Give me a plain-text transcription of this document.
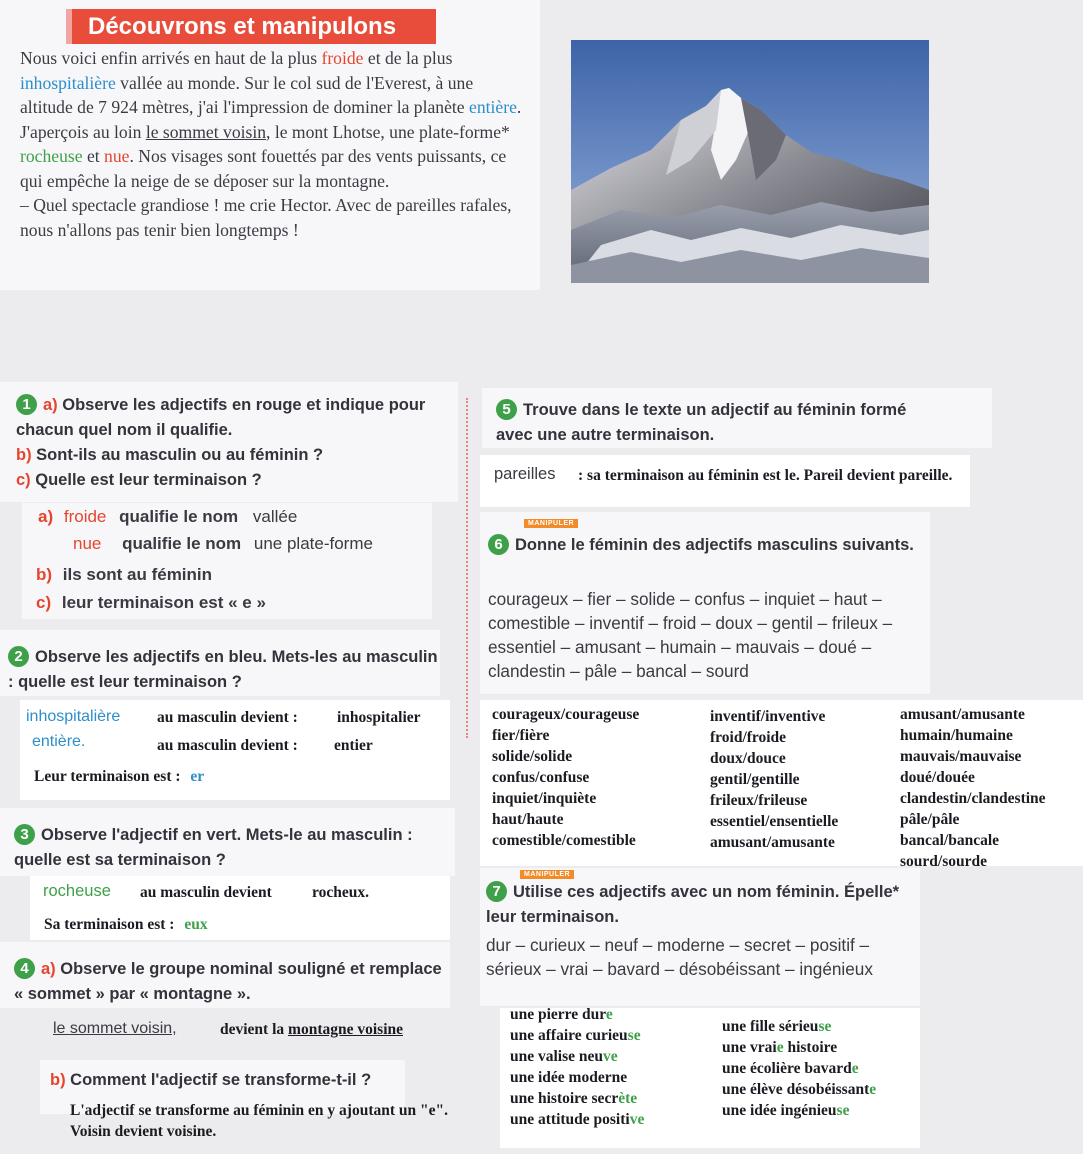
Découvrons et manipulons
Nous voici enfin arrivés en haut de la plus froide et de la plus inhospitalière vallée au monde. Sur le col sud de l'Everest, à une altitude de 7 924 mètres, j'ai l'impression de dominer la planète entière. J'aperçois au loin le sommet voisin, le mont Lhotse, une plate-forme* rocheuse et nue. Nos visages sont fouettés par des vents puissants, ce qui empêche la neige de se déposer sur la montagne.
– Quel spectacle grandiose ! me crie Hector. Avec de pareilles rafales, nous n'allons pas tenir bien longtemps !
1 a) Observe les adjectifs en rouge et indique pour chacun quel nom il qualifie.
b) Sont-ils au masculin ou au féminin ?
c) Quelle est leur terminaison ?
a) froide qualifie le nom vallée
nue qualifie le nom une plate-forme
b) ils sont au féminin
c) leur terminaison est « e »
2 Observe les adjectifs en bleu. Mets-les au masculin : quelle est leur terminaison ?
inhospitalière au masculin devient :	inhospitalier
entière.	au masculin devient : entier
Leur terminaison est : er
3 Observe l'adjectif en vert. Mets-le au masculin : quelle est sa terminaison ?
rocheuse au masculin devient	rocheux.
Sa terminaison est : eux
4 a) Observe le groupe nominal souligné et remplace « sommet » par « montagne ».
le sommet voisin,	devient la montagne voisine
b) Comment l'adjectif se transforme-t-il ?
L'adjectif se transforme au féminin en y ajoutant un "e". Voisin devient voisine.
5 Trouve dans le texte un adjectif au féminin formé avec une autre terminaison.
pareilles : sa terminaison au féminin est le. Pareil devient pareille.
MANIPULER
6 Donne le féminin des adjectifs masculins suivants.
courageux – fier – solide – confus – inquiet – haut – comestible – inventif – froid – doux – gentil – frileux – essentiel – amusant – humain – mauvais – doué – clandestin – pâle – bancal – sourd
courageux/courageuse
fier/fière
solide/solide
confus/confuse
inquiet/inquiète
haut/haute
comestible/comestible
inventif/inventive
froid/froide
doux/douce
gentil/gentille
frileux/frileuse
essentiel/ensentielle
amusant/amusante
amusant/amusante
humain/humaine
mauvais/mauvaise
doué/douée
clandestin/clandestine
pâle/pâle
bancal/bancale
sourd/sourde
MANIPULER
7 Utilise ces adjectifs avec un nom féminin. Épelle* leur terminaison.
dur – curieux – neuf – moderne – secret – positif – sérieux – vrai – bavard – désobéissant – ingénieux
une pierre dure
une affaire curieuse
une valise neuve
une idée moderne
une histoire secrète
une attitude positive
une fille sérieuse
une vraie histoire
une écolière bavarde
une élève désobéissante
une idée ingénieuse
